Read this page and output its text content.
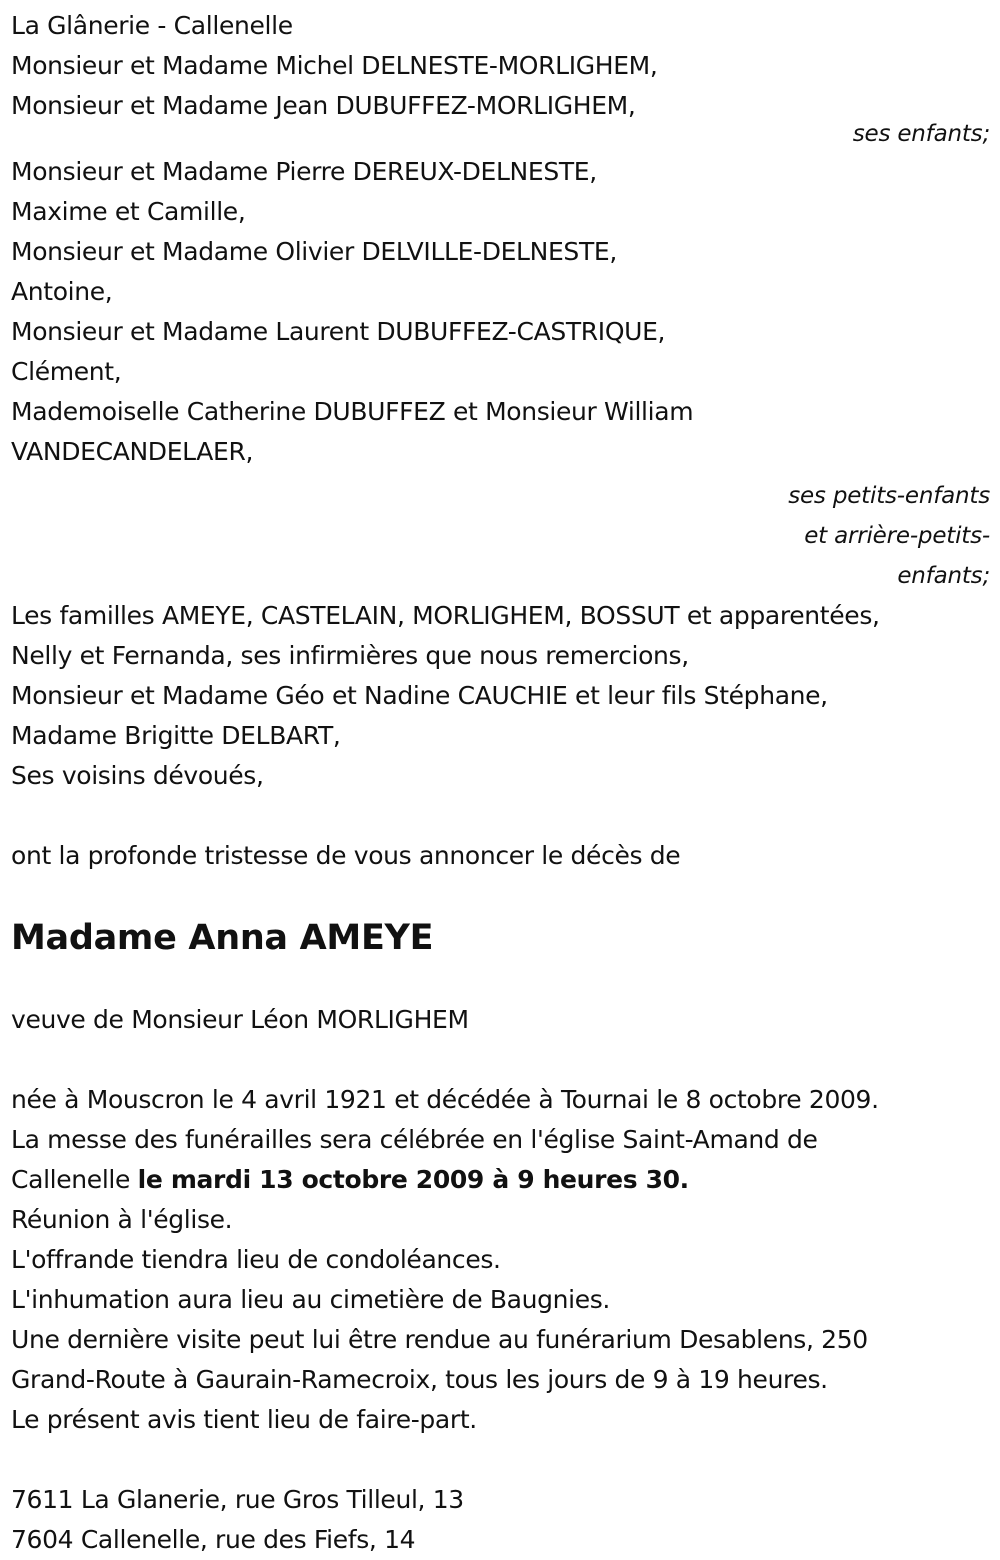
La Glânerie - Callenelle
Monsieur et Madame Michel DELNESTE-MORLIGHEM,
Monsieur et Madame Jean DUBUFFEZ-MORLIGHEM,
ses enfants;
Monsieur et Madame Pierre DEREUX-DELNESTE,
Maxime et Camille,
Monsieur et Madame Olivier DELVILLE-DELNESTE,
Antoine,
Monsieur et Madame Laurent DUBUFFEZ-CASTRIQUE,
Clément,
Mademoiselle Catherine DUBUFFEZ et Monsieur William
VANDECANDELAER,
ses petits-enfants
et arrière-petits-
enfants;
Les familles AMEYE, CASTELAIN, MORLIGHEM, BOSSUT et apparentées,
Nelly et Fernanda, ses infirmières que nous remercions,
Monsieur et Madame Géo et Nadine CAUCHIE et leur fils Stéphane,
Madame Brigitte DELBART,
Ses voisins dévoués,
ont la profonde tristesse de vous annoncer le décès de
Madame Anna AMEYE
veuve de Monsieur Léon MORLIGHEM
née à Mouscron le 4 avril 1921 et décédée à Tournai le 8 octobre 2009.
La messe des funérailles sera célébrée en l'église Saint-Amand de
Callenelle le mardi 13 octobre 2009 à 9 heures 30.
Réunion à l'église.
L'offrande tiendra lieu de condoléances.
L'inhumation aura lieu au cimetière de Baugnies.
Une dernière visite peut lui être rendue au funérarium Desablens, 250
Grand-Route à Gaurain-Ramecroix, tous les jours de 9 à 19 heures.
Le présent avis tient lieu de faire-part.
7611 La Glanerie, rue Gros Tilleul, 13
7604 Callenelle, rue des Fiefs, 14
